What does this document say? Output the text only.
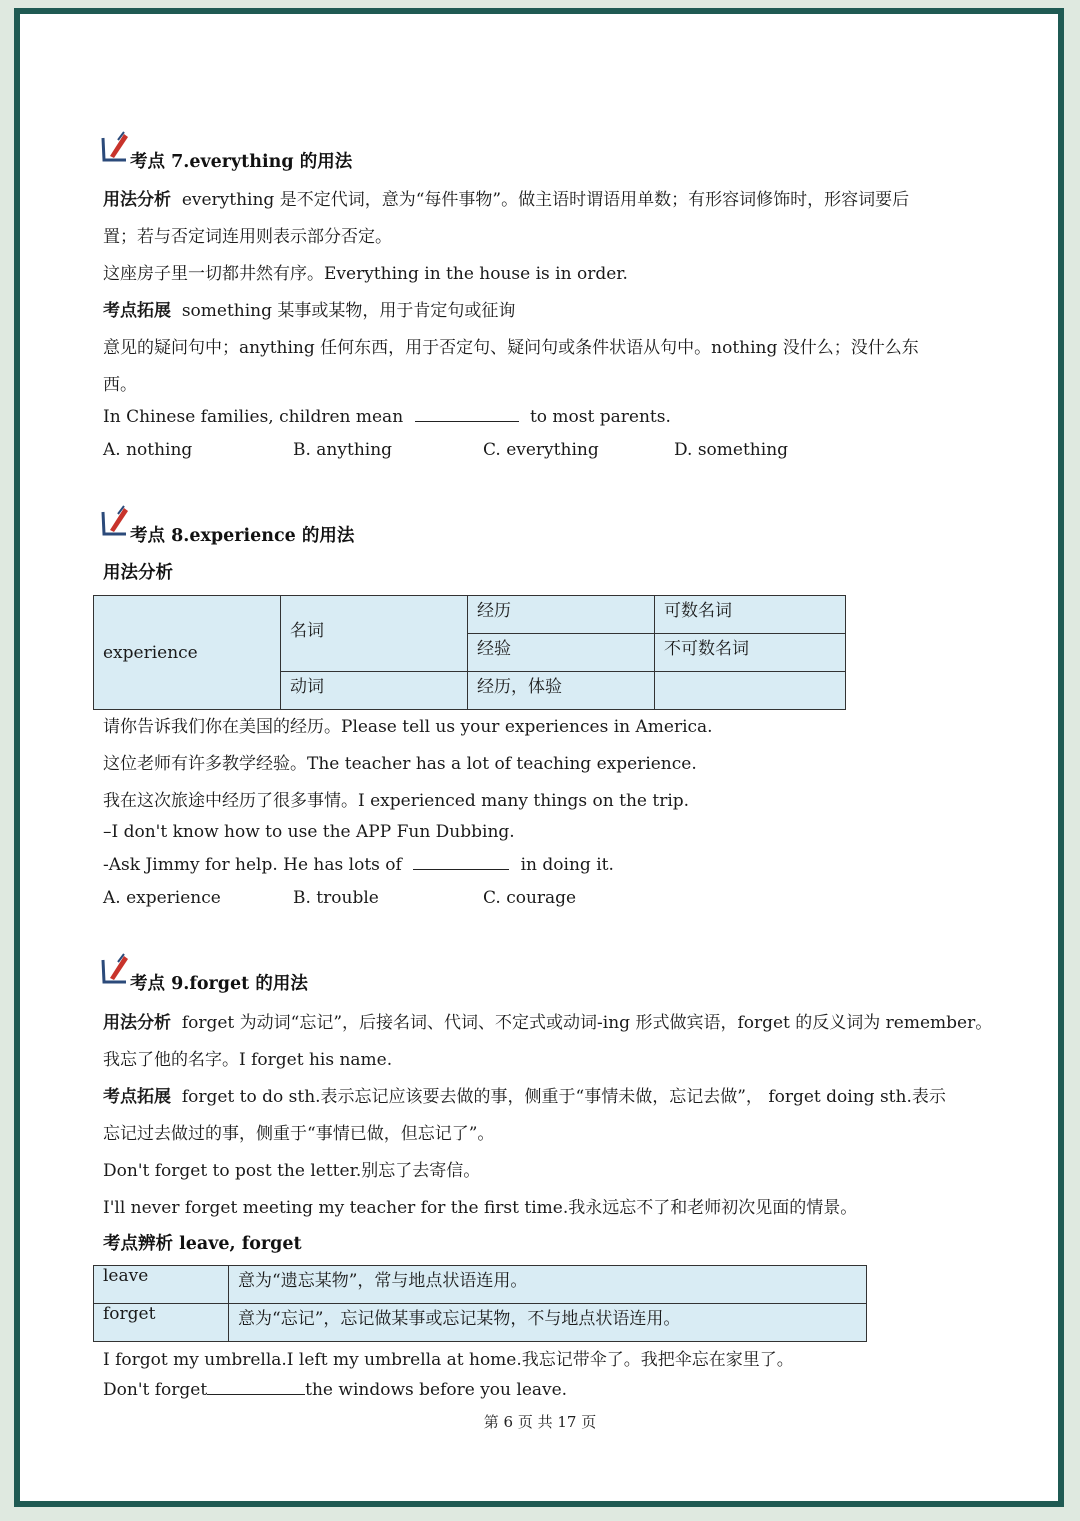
考点 7.everything 的用法
用法分析 everything 是不定代词，意为“每件事物”。做主语时谓语用单数；有形容词修饰时，形容词要后
置；若与否定词连用则表示部分否定。
这座房子里一切都井然有序。Everything in the house is in order.
考点拓展 something 某事或某物，用于肯定句或征询
意见的疑问句中；anything 任何东西，用于否定句、疑问句或条件状语从句中。nothing 没什么；没什么东
西。
In Chinese families, children mean	to most parents.
A. nothing	B. anything	C. everything	D. something
考点 8.experience 的用法
用法分析
experience	名词	经历	可数名词
		经验	不可数名词
	动词	经历，体验	
请你告诉我们你在美国的经历。Please tell us your experiences in America.
这位老师有许多教学经验。The teacher has a lot of teaching experience.
我在这次旅途中经历了很多事情。I experienced many things on the trip.
–I don't know how to use the APP Fun Dubbing.
-Ask Jimmy for help. He has lots of	in doing it.
A. experience	B. trouble	C. courage
考点 9.forget 的用法
用法分析 forget 为动词“忘记”，后接名词、代词、不定式或动词-ing 形式做宾语，forget 的反义词为 remember。
我忘了他的名字。I forget his name.
考点拓展 forget to do sth.表示忘记应该要去做的事，侧重于“事情未做，忘记去做”， forget doing sth.表示
忘记过去做过的事，侧重于“事情已做，但忘记了”。
Don't forget to post the letter.别忘了去寄信。
I'll never forget meeting my teacher for the first time.我永远忘不了和老师初次见面的情景。
考点辨析 leave, forget
leave	意为“遗忘某物”，常与地点状语连用。
forget	意为“忘记”，忘记做某事或忘记某物，不与地点状语连用。
I forgot my umbrella.I left my umbrella at home.我忘记带伞了。我把伞忘在家里了。
Don't forget	the windows before you leave.
第 6 页 共 17 页
